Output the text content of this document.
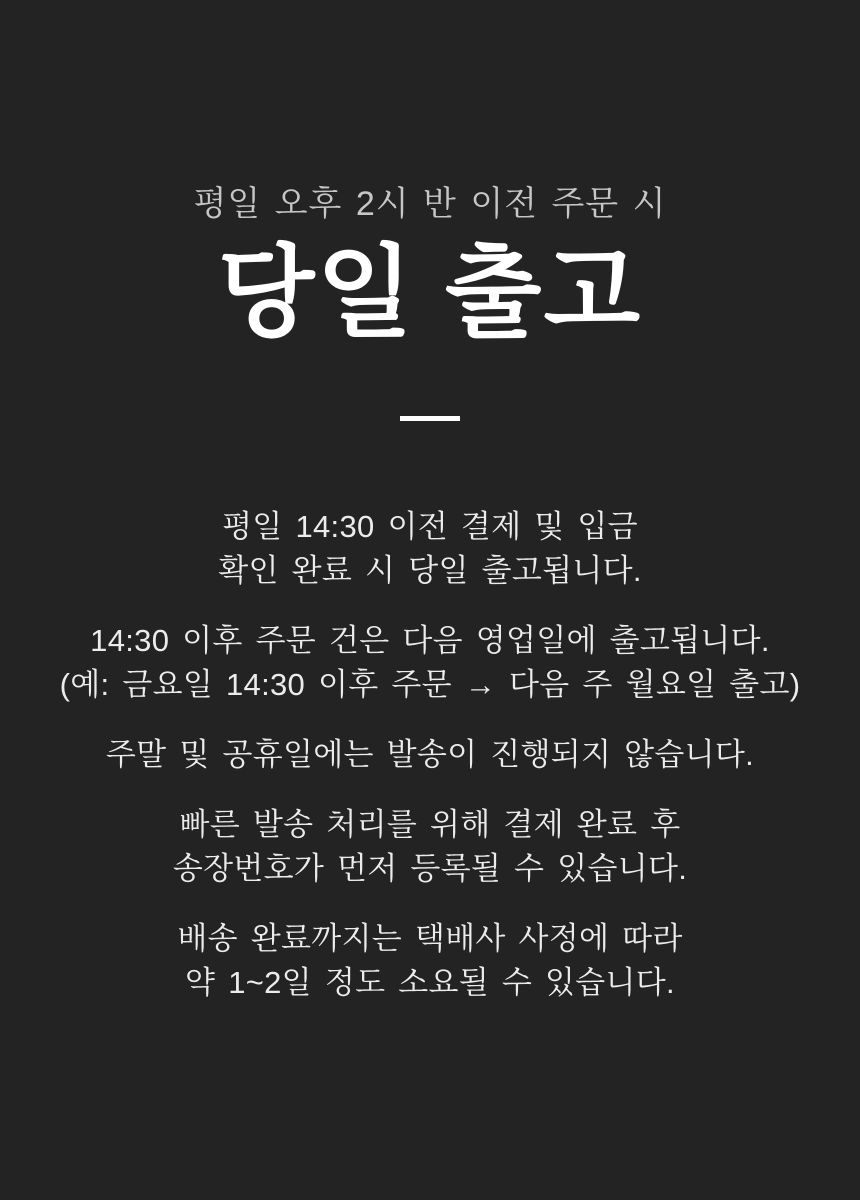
평일 오후 2시 반 이전 주문 시
당일 출고

평일 14:30 이전 결제 및 입금
확인 완료 시 당일 출고됩니다.

14:30 이후 주문 건은 다음 영업일에 출고됩니다.
(예: 금요일 14:30 이후 주문 → 다음 주 월요일 출고)

주말 및 공휴일에는 발송이 진행되지 않습니다.

빠른 발송 처리를 위해 결제 완료 후
송장번호가 먼저 등록될 수 있습니다.

배송 완료까지는 택배사 사정에 따라
약 1~2일 정도 소요될 수 있습니다.
